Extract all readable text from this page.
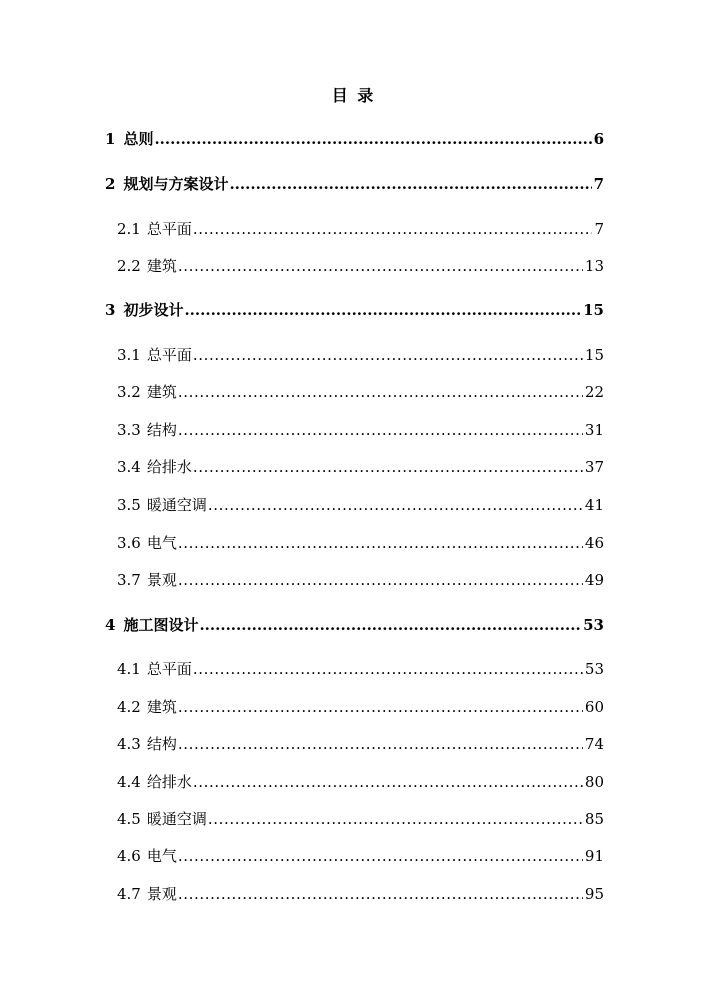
目 录
1 总则 .....	6
2 规划与方案设计 .....	7
2.1 总平面 .....	7
2.2 建筑 .....	13
3 初步设计 .....	15
3.1 总平面 .....	15
3.2 建筑 .....	22
3.3 结构 .....	31
3.4 给排水 .....	37
3.5 暖通空调 .....	41
3.6 电气 .....	46
3.7 景观 .....	49
4 施工图设计 .....	53
4.1 总平面 .....	53
4.2 建筑 .....	60
4.3 结构 .....	74
4.4 给排水 .....	80
4.5 暖通空调 .....	85
4.6 电气 .....	91
4.7 景观 .....	95
